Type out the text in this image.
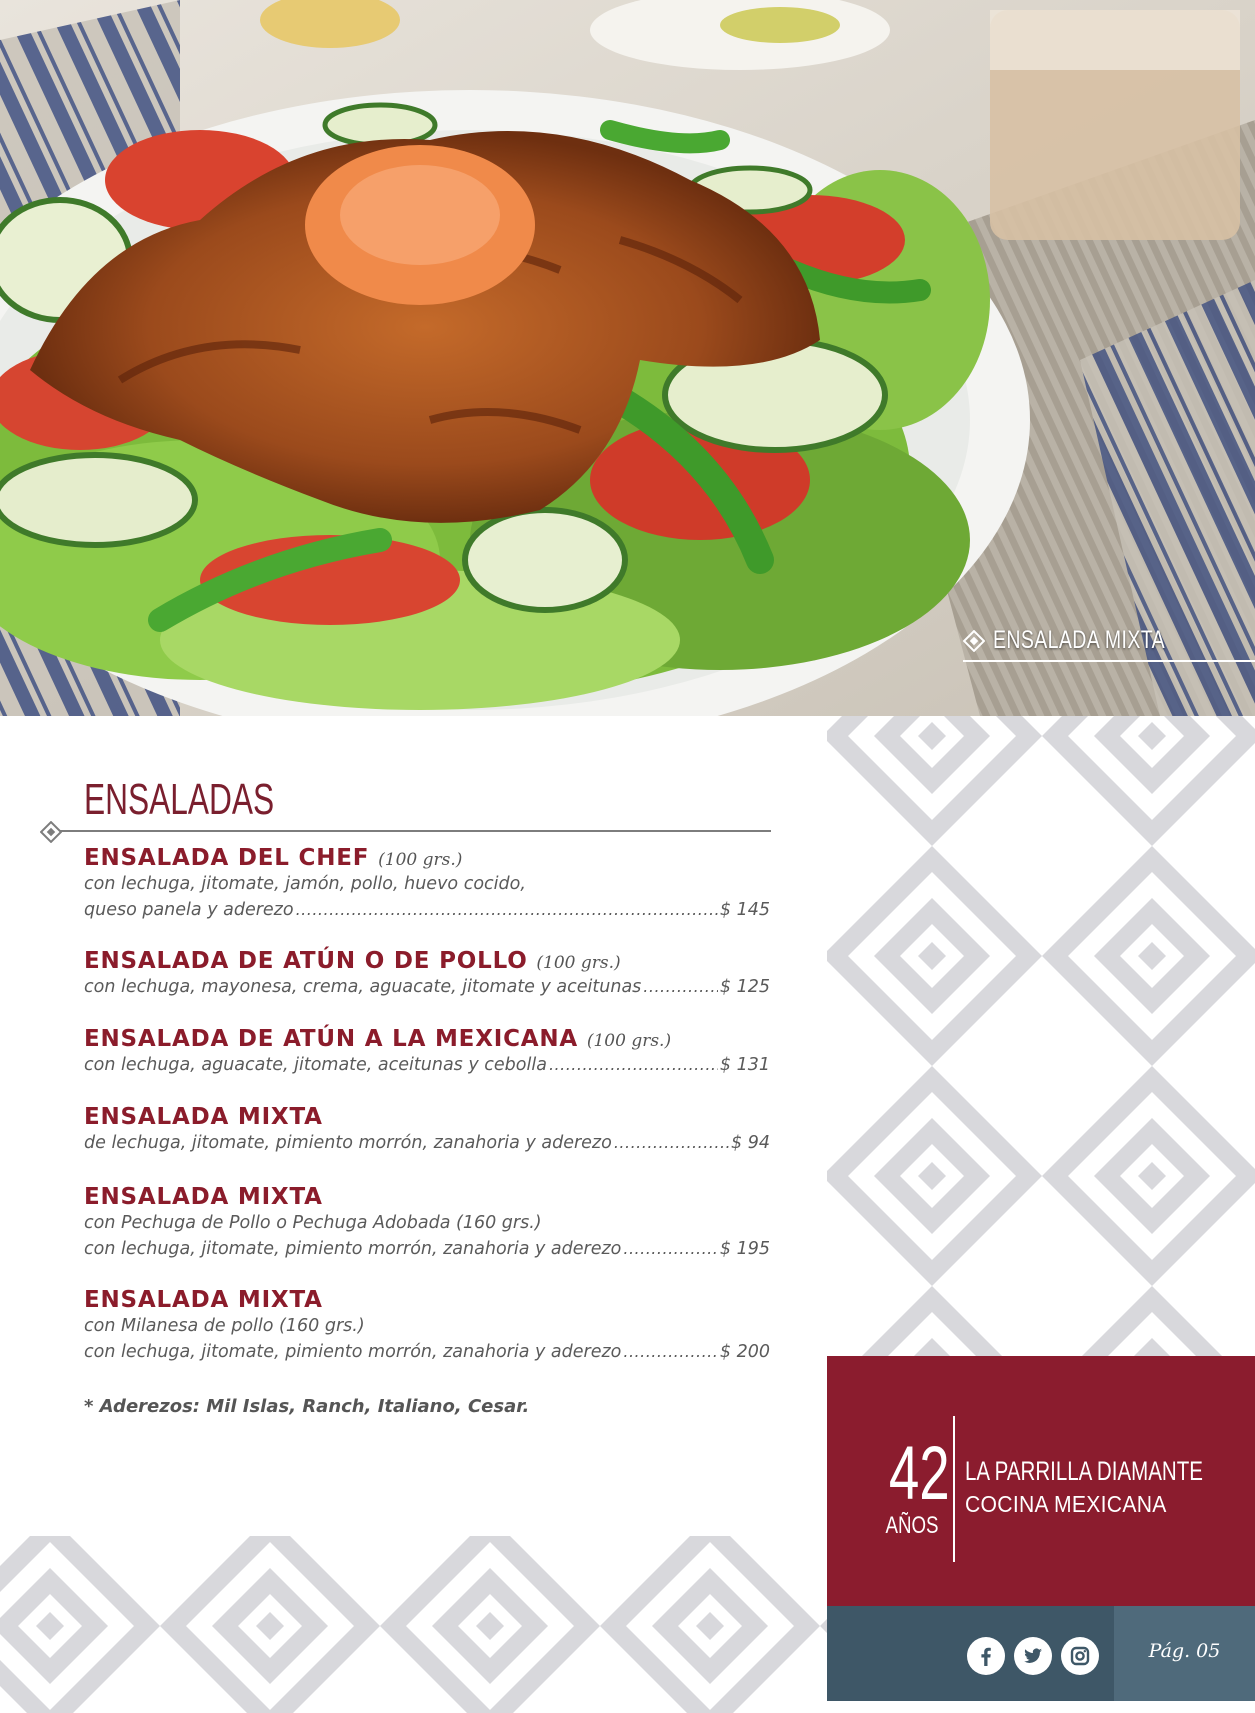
ENSALADA MIXTA
ENSALADAS
ENSALADA DEL CHEF (100 grs.)
con lechuga, jitomate, jamón, pollo, huevo cocido,
queso panela y aderezo .....	$ 145
ENSALADA DE ATÚN O DE POLLO (100 grs.)
con lechuga, mayonesa, crema, aguacate, jitomate y aceitunas .....	$ 125
ENSALADA DE ATÚN A LA MEXICANA (100 grs.)
con lechuga, aguacate, jitomate, aceitunas y cebolla .....	$ 131
ENSALADA MIXTA
de lechuga, jitomate, pimiento morrón, zanahoria y aderezo .....	$ 94
ENSALADA MIXTA
con Pechuga de Pollo o Pechuga Adobada (160 grs.)
con lechuga, jitomate, pimiento morrón, zanahoria y aderezo .....	$ 195
ENSALADA MIXTA
con Milanesa de pollo (160 grs.)
con lechuga, jitomate, pimiento morrón, zanahoria y aderezo .....	$ 200
* Aderezos: Mil Islas, Ranch, Italiano, Cesar.
42
AÑOS
LA PARRILLA DIAMANTE
COCINA MEXICANA
Pág. 05
